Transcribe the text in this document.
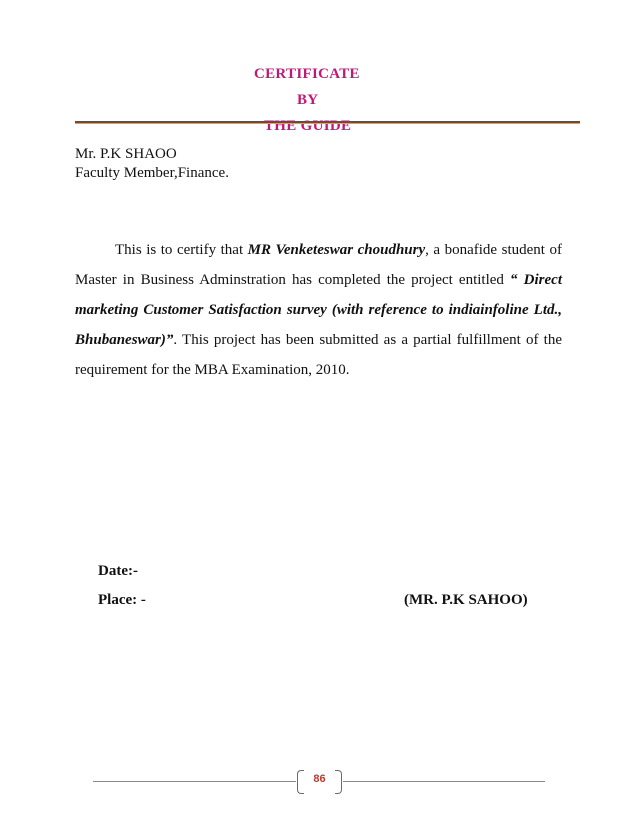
CERTIFICATE
BY
THE GUIDE
Mr. P.K SHAOO
Faculty Member,Finance.
This is to certify that MR Venketeswar choudhury, a bonafide student of Master in Business Adminstration has completed the project entitled “ Direct marketing Customer Satisfaction survey (with reference to indiainfoline Ltd., Bhubaneswar)”. This project has been submitted as a partial fulfillment of the requirement for the MBA Examination, 2010.
Date:-
Place: -	(MR. P.K SAHOO)
86
